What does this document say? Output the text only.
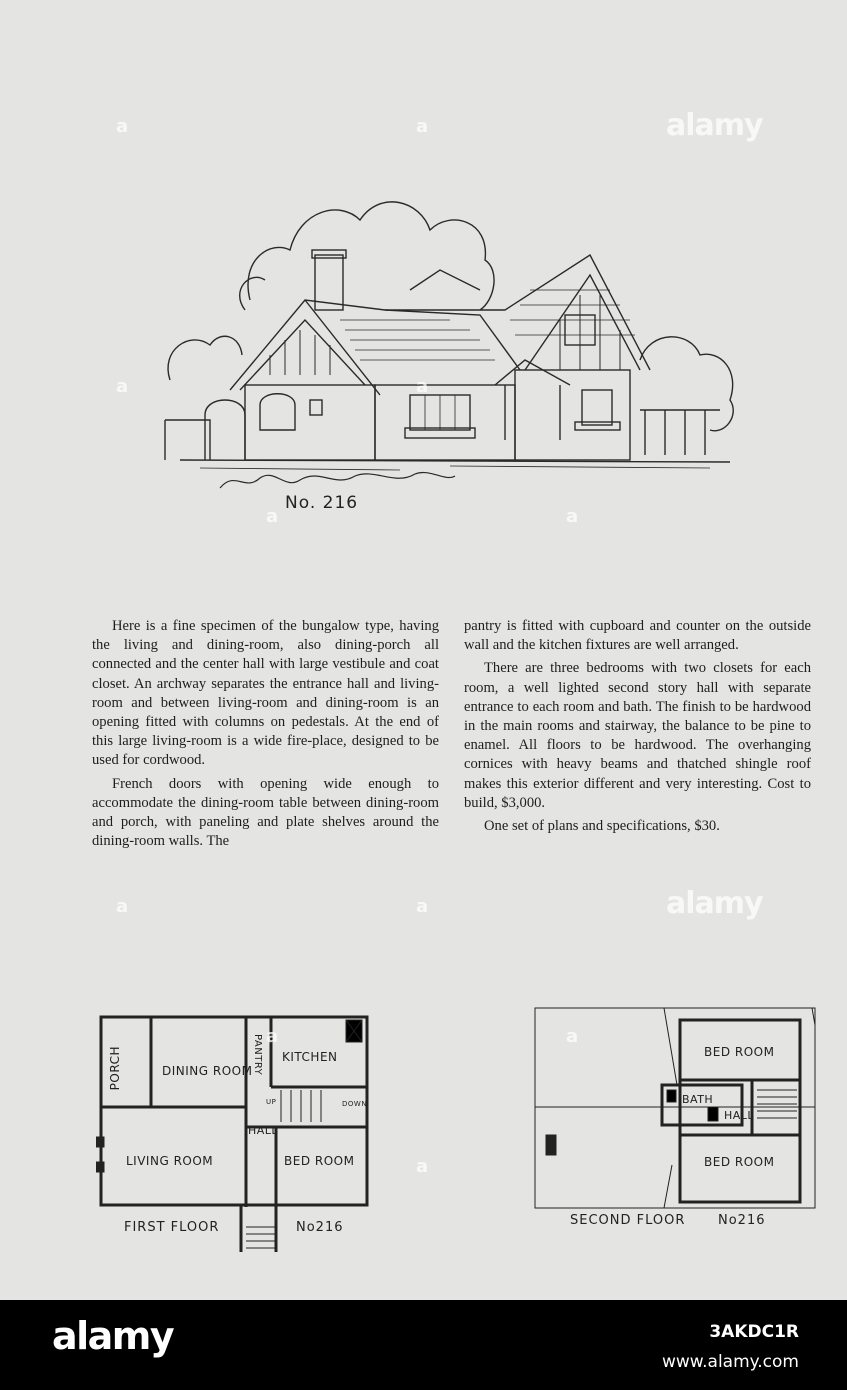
No. 216

Here is a fine specimen of the bungalow type, having the living and dining-room, also dining-porch all connected and the center hall with large vestibule and coat closet. An archway separates the entrance hall and living-room and between living-room and dining-room is an opening fitted with columns on pedestals. At the end of this large living-room is a wide fire-place, designed to be used for cordwood.

French doors with opening wide enough to accommodate the dining-room table between dining-room and porch, with paneling and plate shelves around the dining-room walls. The

pantry is fitted with cupboard and counter on the outside wall and the kitchen fixtures are well arranged.

There are three bedrooms with two closets for each room, a well lighted second story hall with separate entrance to each room and bath. The finish to be hardwood in the main rooms and stairway, the balance to be pine to enamel. All floors to be hardwood. The overhanging cornices with heavy beams and thatched shingle roof makes this exterior different and very interesting. Cost to build, $3,000.

One set of plans and specifications, $30.

PORCH	DINING ROOM PANTRY KITCHEN
HALL
LIVING ROOM	BED ROOM
UP	DOWN
FIRST FLOOR	No216
BED ROOM
BATH
HALL
BED ROOM
SECOND FLOOR	No216
alamy
alamy
a	a
a	a
a	a
a	a
a	a
a
alamy	3AKDC1R
www.alamy.com
